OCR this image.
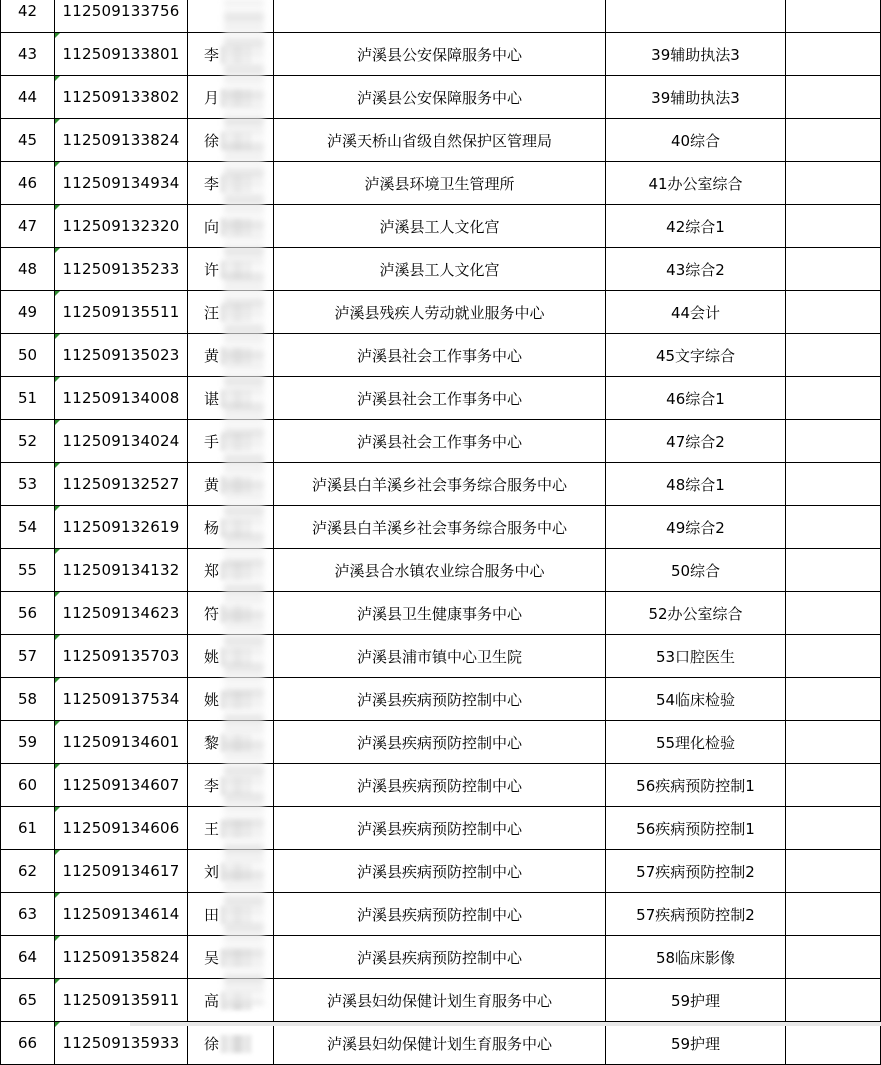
42	112509133756				
43	112509133801	李	泸溪县公安保障服务中心	39辅助执法3	
44	112509133802	月	泸溪县公安保障服务中心	39辅助执法3	
45	112509133824	徐	泸溪天桥山省级自然保护区管理局	40综合	
46	112509134934	李	泸溪县环境卫生管理所	41办公室综合	
47	112509132320	向	泸溪县工人文化宫	42综合1	
48	112509135233	许	泸溪县工人文化宫	43综合2	
49	112509135511	汪	泸溪县残疾人劳动就业服务中心	44会计	
50	112509135023	黄	泸溪县社会工作事务中心	45文字综合	
51	112509134008	谌	泸溪县社会工作事务中心	46综合1	
52	112509134024	手	泸溪县社会工作事务中心	47综合2	
53	112509132527	黄	泸溪县白羊溪乡社会事务综合服务中心	48综合1	
54	112509132619	杨	泸溪县白羊溪乡社会事务综合服务中心	49综合2	
55	112509134132	郑	泸溪县合水镇农业综合服务中心	50综合	
56	112509134623	符	泸溪县卫生健康事务中心	52办公室综合	
57	112509135703	姚	泸溪县浦市镇中心卫生院	53口腔医生	
58	112509137534	姚	泸溪县疾病预防控制中心	54临床检验	
59	112509134601	黎	泸溪县疾病预防控制中心	55理化检验	
60	112509134607	李	泸溪县疾病预防控制中心	56疾病预防控制1	
61	112509134606	王	泸溪县疾病预防控制中心	56疾病预防控制1	
62	112509134617	刘	泸溪县疾病预防控制中心	57疾病预防控制2	
63	112509134614	田	泸溪县疾病预防控制中心	57疾病预防控制2	
64	112509135824	吴	泸溪县疾病预防控制中心	58临床影像	
65	112509135911	高	泸溪县妇幼保健计划生育服务中心	59护理	
66	112509135933	徐	泸溪县妇幼保健计划生育服务中心	59护理	
